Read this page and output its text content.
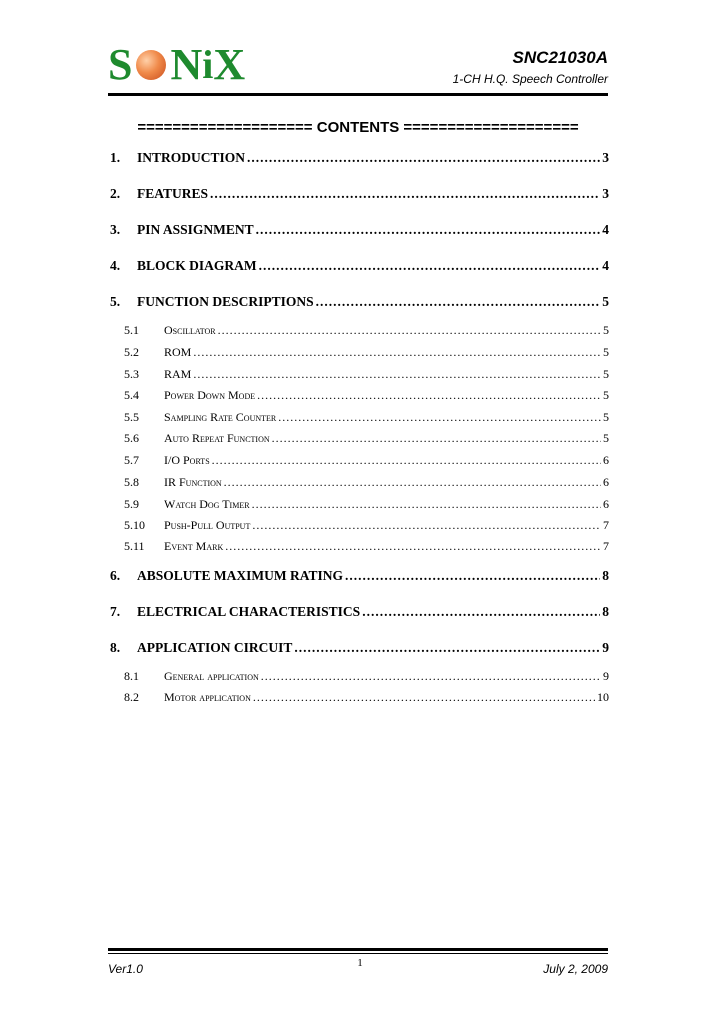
S N i X	SNC21030A
1-CH H.Q. Speech Controller
==================== CONTENTS ====================
1.	INTRODUCTION .....	3
2.	FEATURES .....	3
3.	PIN ASSIGNMENT .....	4
4.	BLOCK DIAGRAM .....	4
5.	FUNCTION DESCRIPTIONS .....	5
5.1	Oscillator .....	5
5.2	ROM .....	5
5.3	RAM .....	5
5.4	Power Down Mode .....	5
5.5	Sampling Rate Counter .....	5
5.6	Auto Repeat Function .....	5
5.7	I/O Ports .....	6
5.8	IR Function .....	6
5.9	Watch Dog Timer .....	6
5.10	Push-Pull Output .....	7
5.11	Event Mark .....	7
6.	ABSOLUTE MAXIMUM RATING .....	8
7.	ELECTRICAL CHARACTERISTICS .....	8
8.	APPLICATION CIRCUIT .....	9
8.1	General application .....	9
8.2	Motor application .....	10
Ver1.0	1	July 2, 2009
